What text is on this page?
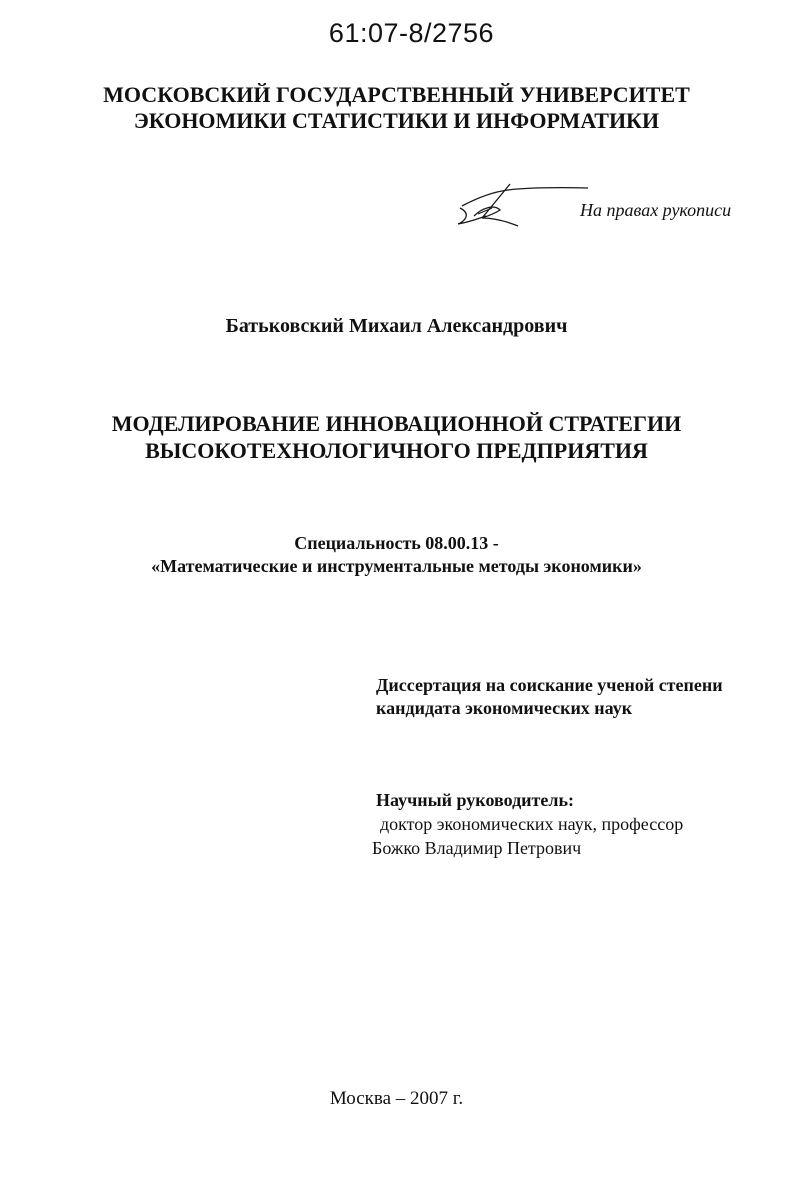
61:07-8/2756
МОСКОВСКИЙ ГОСУДАРСТВЕННЫЙ УНИВЕРСИТЕТ
ЭКОНОМИКИ СТАТИСТИКИ И ИНФОРМАТИКИ
На правах рукописи
Батьковский Михаил Александрович
МОДЕЛИРОВАНИЕ ИННОВАЦИОННОЙ СТРАТЕГИИ
ВЫСОКОТЕХНОЛОГИЧНОГО ПРЕДПРИЯТИЯ
Специальность 08.00.13 -
«Математические и инструментальные методы экономики»
Диссертация на соискание ученой степени
кандидата экономических наук
Научный руководитель:
доктор экономических наук, профессор
Божко Владимир Петрович
Москва – 2007 г.
